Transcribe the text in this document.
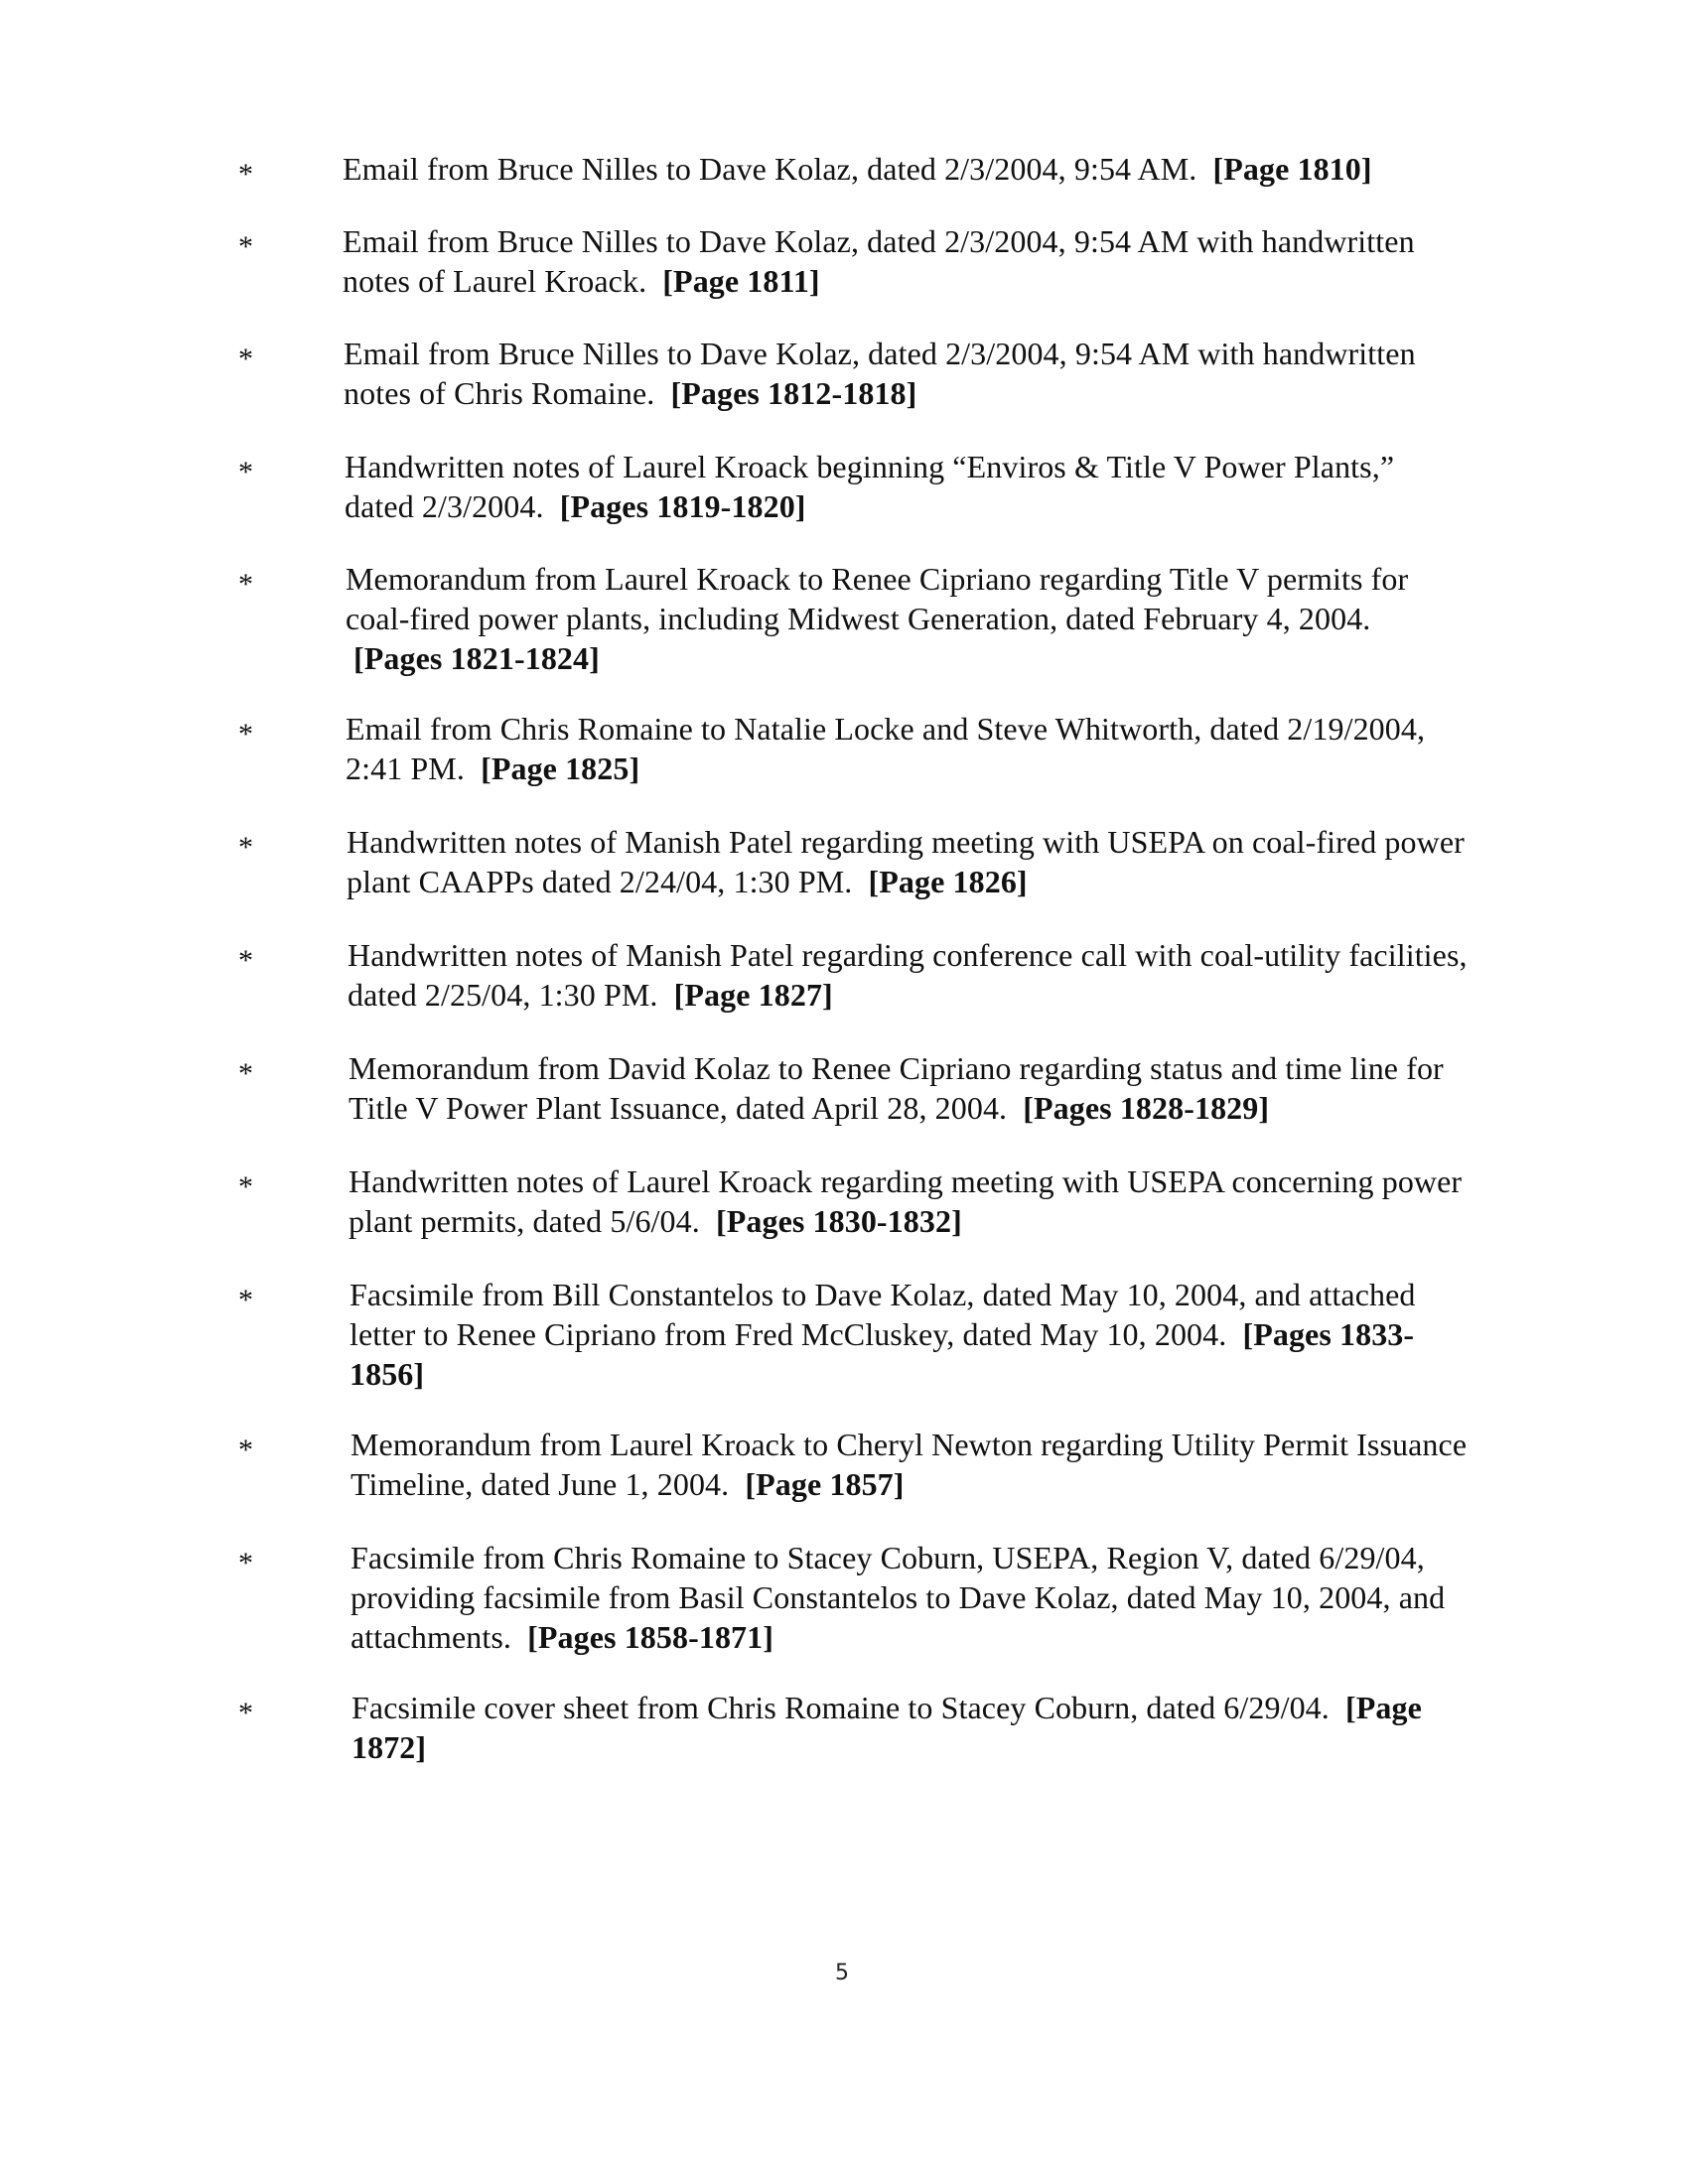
*	Email from Bruce Nilles to Dave Kolaz, dated 2/3/2004, 9:54 AM. [Page 1810]
*	Email from Bruce Nilles to Dave Kolaz, dated 2/3/2004, 9:54 AM with handwritten notes of Laurel Kroack. [Page 1811]
*	Email from Bruce Nilles to Dave Kolaz, dated 2/3/2004, 9:54 AM with handwritten notes of Chris Romaine. [Pages 1812-1818]
*	Handwritten notes of Laurel Kroack beginning “Enviros & Title V Power Plants,” dated 2/3/2004. [Pages 1819-1820]
*	Memorandum from Laurel Kroack to Renee Cipriano regarding Title V permits for coal-fired power plants, including Midwest Generation, dated February 4, 2004. [Pages 1821-1824]
*	Email from Chris Romaine to Natalie Locke and Steve Whitworth, dated 2/19/2004, 2:41 PM. [Page 1825]
*	Handwritten notes of Manish Patel regarding meeting with USEPA on coal-fired power plant CAAPPs dated 2/24/04, 1:30 PM. [Page 1826]
*	Handwritten notes of Manish Patel regarding conference call with coal-utility facilities, dated 2/25/04, 1:30 PM. [Page 1827]
*	Memorandum from David Kolaz to Renee Cipriano regarding status and time line for Title V Power Plant Issuance, dated April 28, 2004. [Pages 1828-1829]
*	Handwritten notes of Laurel Kroack regarding meeting with USEPA concerning power plant permits, dated 5/6/04. [Pages 1830-1832]
*	Facsimile from Bill Constantelos to Dave Kolaz, dated May 10, 2004, and attached letter to Renee Cipriano from Fred McCluskey, dated May 10, 2004. [Pages 1833-1856]
*	Memorandum from Laurel Kroack to Cheryl Newton regarding Utility Permit Issuance Timeline, dated June 1, 2004. [Page 1857]
*	Facsimile from Chris Romaine to Stacey Coburn, USEPA, Region V, dated 6/29/04, providing facsimile from Basil Constantelos to Dave Kolaz, dated May 10, 2004, and attachments. [Pages 1858-1871]
*	Facsimile cover sheet from Chris Romaine to Stacey Coburn, dated 6/29/04. [Page 1872]
5
